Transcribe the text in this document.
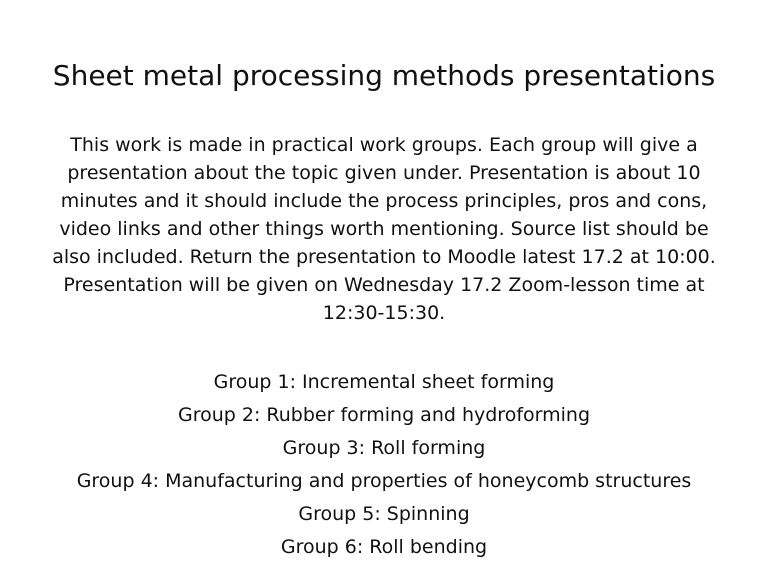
Sheet metal processing methods presentations

This work is made in practical work groups. Each group will give a presentation about the topic given under. Presentation is about 10 minutes and it should include the process principles, pros and cons, video links and other things worth mentioning. Source list should be also included. Return the presentation to Moodle latest 17.2 at 10:00. Presentation will be given on Wednesday 17.2 Zoom-lesson time at 12:30-15:30.

Group 1: Incremental sheet forming
Group 2: Rubber forming and hydroforming
Group 3: Roll forming
Group 4: Manufacturing and properties of honeycomb structures
Group 5: Spinning
Group 6: Roll bending
